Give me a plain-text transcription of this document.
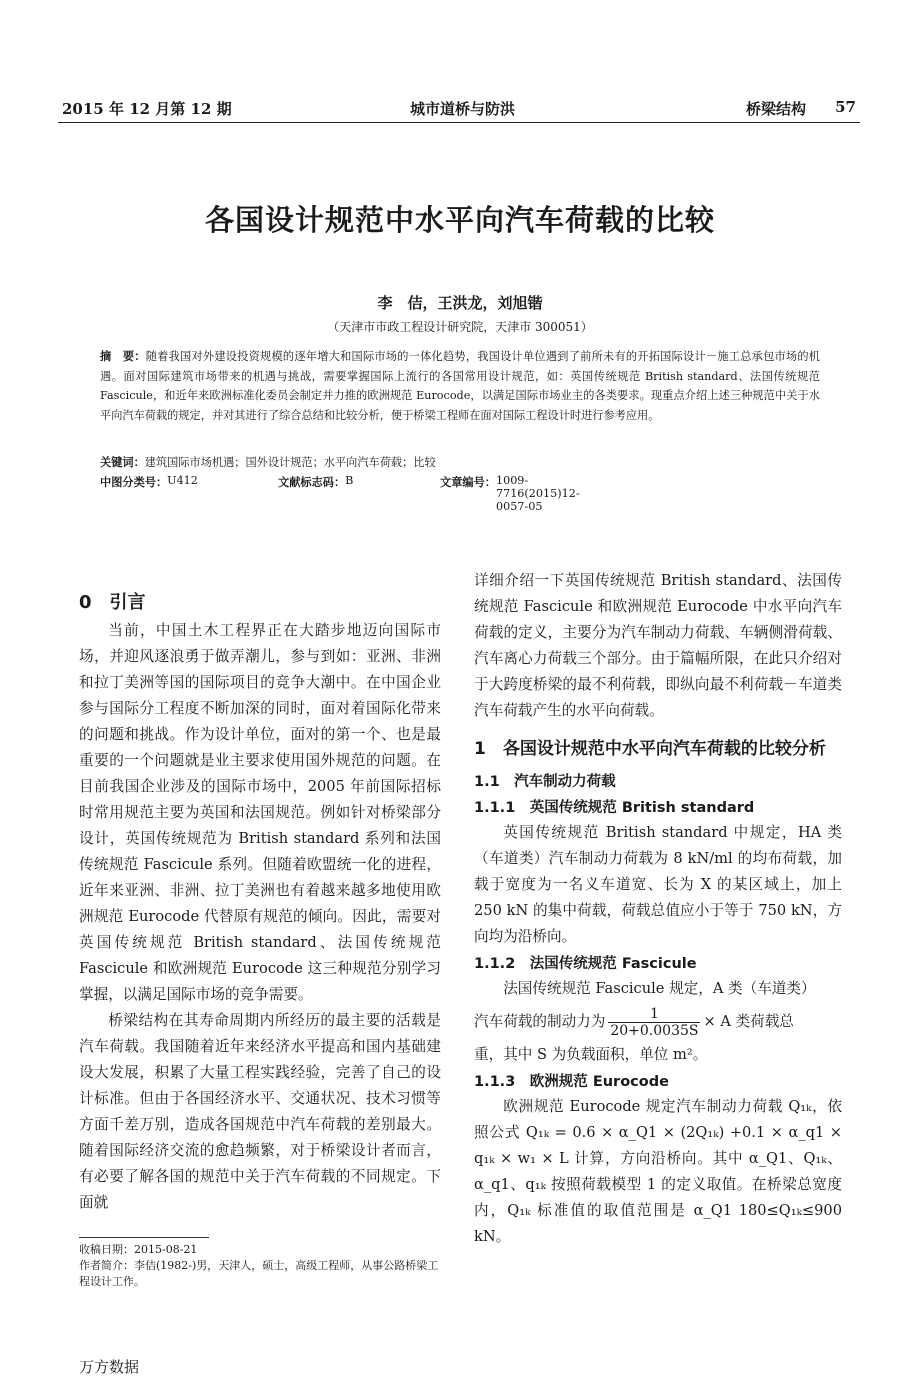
2015 年 12 月第 12 期	城市道桥与防洪	桥梁结构 57
各国设计规范中水平向汽车荷载的比较
李　佶，王洪龙，刘旭锴
（天津市市政工程设计研究院，天津市 300051）
摘　要：随着我国对外建设投资规模的逐年增大和国际市场的一体化趋势，我国设计单位遇到了前所未有的开拓国际设计－施工总承包市场的机遇。面对国际建筑市场带来的机遇与挑战，需要掌握国际上流行的各国常用设计规范，如：英国传统规范 British standard、法国传统规范 Fascicule，和近年来欧洲标准化委员会制定并力推的欧洲规范 Eurocode，以满足国际市场业主的各类要求。现重点介绍上述三种规范中关于水平向汽车荷载的规定，并对其进行了综合总结和比较分析，便于桥梁工程师在面对国际工程设计时进行参考应用。
关键词：建筑国际市场机遇；国外设计规范；水平向汽车荷载；比较
中图分类号： U412	文献标志码： B	文章编号： 1009-7716(2015)12-0057-05
0　引言

当前，中国土木工程界正在大踏步地迈向国际市场，并迎风逐浪勇于做弄潮儿，参与到如：亚洲、非洲和拉丁美洲等国的国际项目的竞争大潮中。在中国企业参与国际分工程度不断加深的同时，面对着国际化带来的问题和挑战。作为设计单位，面对的第一个、也是最重要的一个问题就是业主要求使用国外规范的问题。在目前我国企业涉及的国际市场中，2005 年前国际招标时常用规范主要为英国和法国规范。例如针对桥梁部分设计，英国传统规范为 British standard 系列和法国传统规范 Fascicule 系列。但随着欧盟统一化的进程，近年来亚洲、非洲、拉丁美洲也有着越来越多地使用欧洲规范 Eurocode 代替原有规范的倾向。因此，需要对英国传统规范 British standard、法国传统规范 Fascicule 和欧洲规范 Eurocode 这三种规范分别学习掌握，以满足国际市场的竞争需要。

桥梁结构在其寿命周期内所经历的最主要的活载是汽车荷载。我国随着近年来经济水平提高和国内基础建设大发展，积累了大量工程实践经验，完善了自己的设计标准。但由于各国经济水平、交通状况、技术习惯等方面千差万别，造成各国规范中汽车荷载的差别最大。随着国际经济交流的愈趋频繁，对于桥梁设计者而言，有必要了解各国的规范中关于汽车荷载的不同规定。下面就

详细介绍一下英国传统规范 British standard、法国传统规范 Fascicule 和欧洲规范 Eurocode 中水平向汽车荷载的定义，主要分为汽车制动力荷载、车辆侧滑荷载、汽车离心力荷载三个部分。由于篇幅所限，在此只介绍对于大跨度桥梁的最不利荷载，即纵向最不利荷载－车道类汽车荷载产生的水平向荷载。

1　各国设计规范中水平向汽车荷载的比较分析
1.1　汽车制动力荷载
1.1.1　英国传统规范 British standard

英国传统规范 British standard 中规定，HA 类（车道类）汽车制动力荷载为 8 kN/ml 的均布荷载，加载于宽度为一名义车道宽、长为 X 的某区域上，加上 250 kN 的集中荷载，荷载总值应小于等于 750 kN，方向均为沿桥向。

1.1.2　法国传统规范 Fascicule

法国传统规范 Fascicule 规定，A 类（车道类）

汽车荷载的制动力为 $\frac{1}{20+0.0035S} \times A$ 类荷载总

重，其中 S 为负载面积，单位 m²。

1.1.3　欧洲规范 Eurocode

欧洲规范 Eurocode 规定汽车制动力荷载 Q₁ₖ，依照公式 Q₁ₖ = 0.6 × α_Q1 × (2Q₁ₖ) +0.1 × α_q1 × q₁ₖ × w₁ × L 计算，方向沿桥向。其中 α_Q1、Q₁ₖ、α_q1、q₁ₖ 按照荷载模型 1 的定义取值。在桥梁总宽度内，Q₁ₖ 标准值的取值范围是 α_Q1 180≤Q₁ₖ≤900 kN。

收稿日期：2015-08-21
作者简介：李佶(1982-)男，天津人，硕士，高级工程师，从事公路桥梁工程设计工作。
万方数据
